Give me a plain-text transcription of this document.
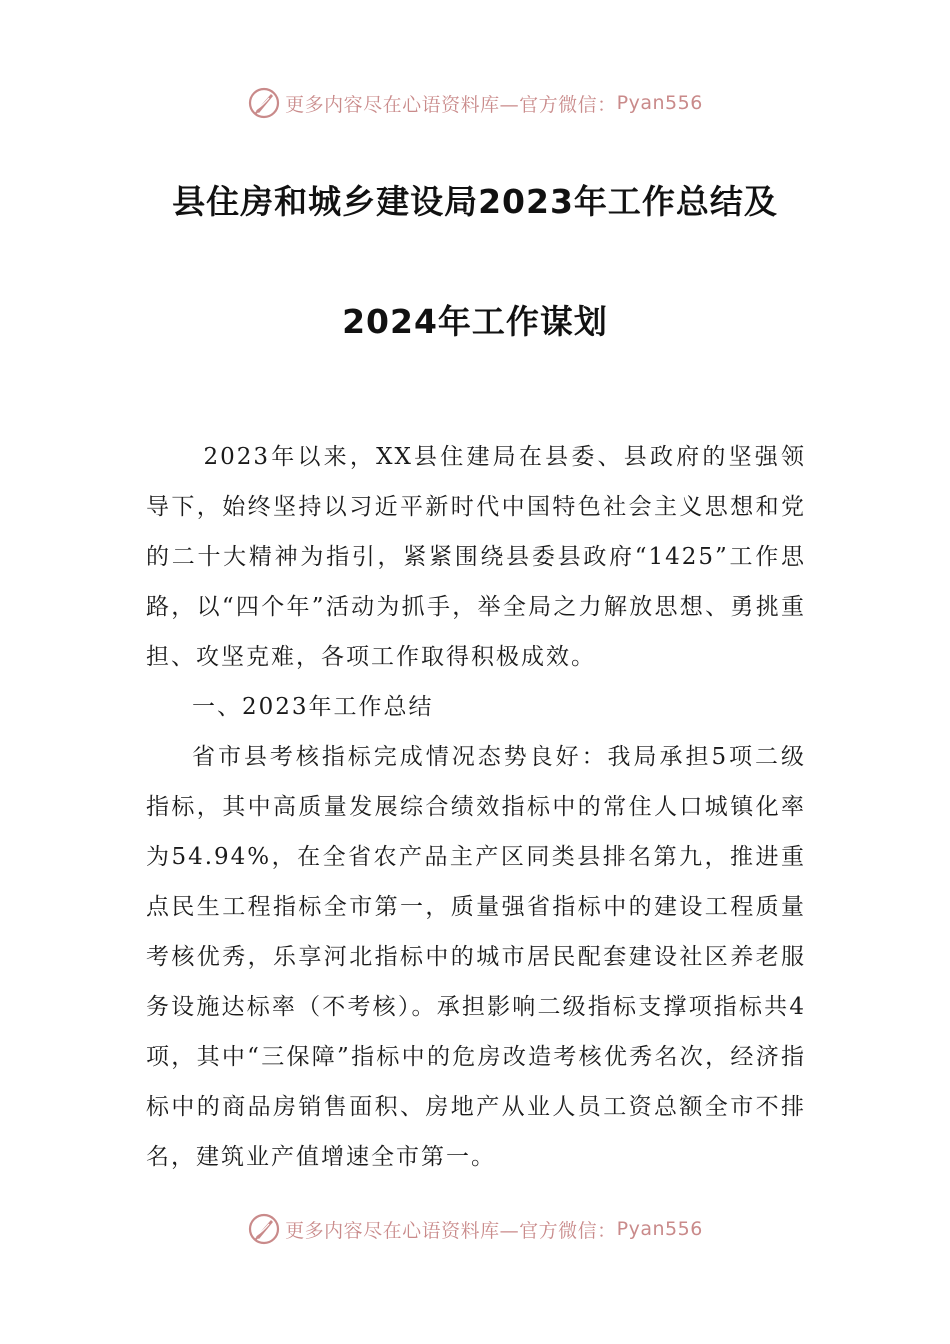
更多内容尽在心语资料库—官方微信： Pyan556
县住房和城乡建设局2023年工作总结及
2024年工作谋划

2023年以来，XX县住建局在县委、县政府的坚强领导下，始终坚持以习近平新时代中国特色社会主义思想和党的二十大精神为指引，紧紧围绕县委县政府“1425”工作思路，以“四个年”活动为抓手，举全局之力解放思想、勇挑重担、攻坚克难，各项工作取得积极成效。

一、2023年工作总结

省市县考核指标完成情况态势良好：我局承担5项二级指标，其中高质量发展综合绩效指标中的常住人口城镇化率为54.94%，在全省农产品主产区同类县排名第九，推进重点民生工程指标全市第一，质量强省指标中的建设工程质量考核优秀，乐享河北指标中的城市居民配套建设社区养老服务设施达标率（不考核）。承担影响二级指标支撑项指标共4项，其中“三保障”指标中的危房改造考核优秀名次，经济指标中的商品房销售面积、房地产从业人员工资总额全市不排名，建筑业产值增速全市第一。

更多内容尽在心语资料库—官方微信： Pyan556
